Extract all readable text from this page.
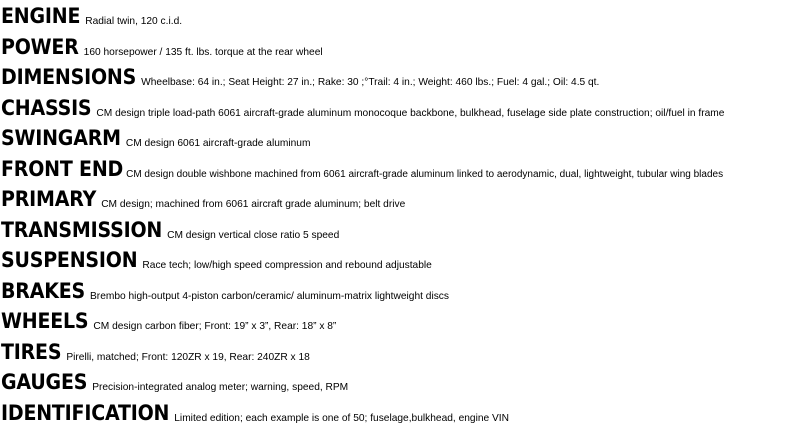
ENGINE Radial twin, 120 c.i.d.
POWER 160 horsepower / 135 ft. lbs. torque at the rear wheel
DIMENSIONS Wheelbase: 64 in.; Seat Height: 27 in.; Rake: 30 ;°Trail: 4 in.; Weight: 460 lbs.; Fuel: 4 gal.; Oil: 4.5 qt.
CHASSIS CM design triple load-path 6061 aircraft-grade aluminum monocoque backbone, bulkhead, fuselage side plate construction; oil/fuel in frame
SWINGARM CM design 6061 aircraft-grade aluminum
FRONT END CM design double wishbone machined from 6061 aircraft-grade aluminum linked to aerodynamic, dual, lightweight, tubular wing blades
PRIMARY CM design; machined from 6061 aircraft grade aluminum; belt drive
TRANSMISSION CM design vertical close ratio 5 speed
SUSPENSION Race tech; low/high speed compression and rebound adjustable
BRAKES Brembo high-output 4-piston carbon/ceramic/ aluminum-matrix lightweight discs
WHEELS CM design carbon fiber; Front: 19” x 3”, Rear: 18” x 8”
TIRES Pirelli, matched; Front: 120ZR x 19, Rear: 240ZR x 18
GAUGES Precision-integrated analog meter; warning, speed, RPM
IDENTIFICATION Limited edition; each example is one of 50; fuselage,bulkhead, engine VIN
